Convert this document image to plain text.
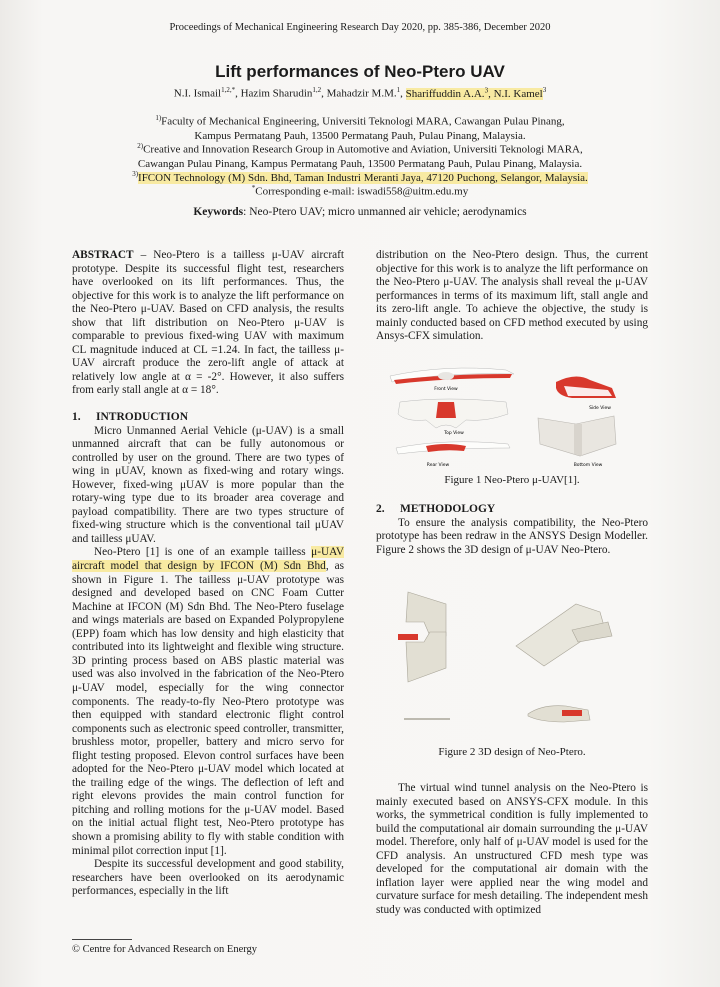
Proceedings of Mechanical Engineering Research Day 2020, pp. 385-386, December 2020
Lift performances of Neo-Ptero UAV
N.I. Ismail$^{1,2,*}$, Hazim Sharudin$^{1,2}$, Mahadzir M.M.$^1$, Shariffuddin A.A.$^3$, N.I. Kamel$^3$
$^{1)}$Faculty of Mechanical Engineering, Universiti Teknologi MARA, Cawangan Pulau Pinang,
Kampus Permatang Pauh, 13500 Permatang Pauh, Pulau Pinang, Malaysia.
$^{2)}$Creative and Innovation Research Group in Automotive and Aviation, Universiti Teknologi MARA,
Cawangan Pulau Pinang, Kampus Permatang Pauh, 13500 Permatang Pauh, Pulau Pinang, Malaysia.
$^{3)}$IFCON Technology (M) Sdn. Bhd, Taman Industri Meranti Jaya, 47120 Puchong, Selangor, Malaysia.
*Corresponding e-mail: iswadi558@uitm.edu.my
Keywords: Neo-Ptero UAV; micro unmanned air vehicle; aerodynamics

ABSTRACT – Neo-Ptero is a tailless μ-UAV aircraft prototype. Despite its successful flight test, researchers have overlooked on its lift performances. Thus, the objective for this work is to analyze the lift performance on the Neo-Ptero μ-UAV. Based on CFD analysis, the results show that lift distribution on Neo-Ptero μ-UAV is comparable to previous fixed-wing UAV with maximum CL magnitude induced at CL =1.24. In fact, the tailless μ-UAV aircraft produce the zero-lift angle of attack at relatively low angle at α = -2°. However, it also suffers from early stall angle at α = 18°.

1. INTRODUCTION

Micro Unmanned Aerial Vehicle (μ-UAV) is a small unmanned aircraft that can be fully autonomous or controlled by user on the ground. There are two types of wing in μUAV, known as fixed-wing and rotary wings. However, fixed-wing μUAV is more popular than the rotary-wing type due to its broader area coverage and payload compatibility. There are two types structure of fixed-wing structure which is the conventional tail μUAV and tailless μUAV.

Neo-Ptero [1] is one of an example tailless μ-UAV aircraft model that design by IFCON (M) Sdn Bhd, as shown in Figure 1. The tailless μ-UAV prototype was designed and developed based on CNC Foam Cutter Machine at IFCON (M) Sdn Bhd. The Neo-Ptero fuselage and wings materials are based on Expanded Polypropylene (EPP) foam which has low density and high elasticity that contributed into its lightweight and flexible wing structure. 3D printing process based on ABS plastic material was used was also involved in the fabrication of the Neo-Ptero μ-UAV model, especially for the wing connector components. The ready-to-fly Neo-Ptero prototype was then equipped with standard electronic flight control components such as electronic speed controller, transmitter, brushless motor, propeller, battery and micro servo for flight testing proposed. Elevon control surfaces have been adopted for the Neo-Ptero μ-UAV model which located at the trailing edge of the wings. The deflection of left and right elevons provides the main control function for pitching and rolling motions for the μ-UAV model. Based on the initial actual flight test, Neo-Ptero prototype has shown a promising ability to fly with stable condition with minimal pilot correction input [1].

Despite its successful development and good stability, researchers have been overlooked on its aerodynamic performances, especially in the lift

distribution on the Neo-Ptero design. Thus, the current objective for this work is to analyze the lift performance on the Neo-Ptero μ-UAV. The analysis shall reveal the μ-UAV performances in terms of its maximum lift, stall angle and its zero-lift angle. To achieve the objective, the study is mainly conducted based on CFD method executed by using Ansys-CFX simulation.

Front View
Top View
Rear View
Side View
Bottom View
Figure 1 Neo-Ptero μ-UAV[1].

2. METHODOLOGY

To ensure the analysis compatibility, the Neo-Ptero prototype has been redraw in the ANSYS Design Modeller. Figure 2 shows the 3D design of μ-UAV Neo-Ptero.

Figure 2 3D design of Neo-Ptero.

The virtual wind tunnel analysis on the Neo-Ptero is mainly executed based on ANSYS-CFX module. In this works, the symmetrical condition is fully implemented to build the computational air domain surrounding the μ-UAV model. Therefore, only half of μ-UAV model is used for the CFD analysis. An unstructured CFD mesh type was developed for the computational air domain with the inflation layer were applied near the wing model and curvature surface for mesh detailing. The independent mesh study was conducted with optimized

© Centre for Advanced Research on Energy
